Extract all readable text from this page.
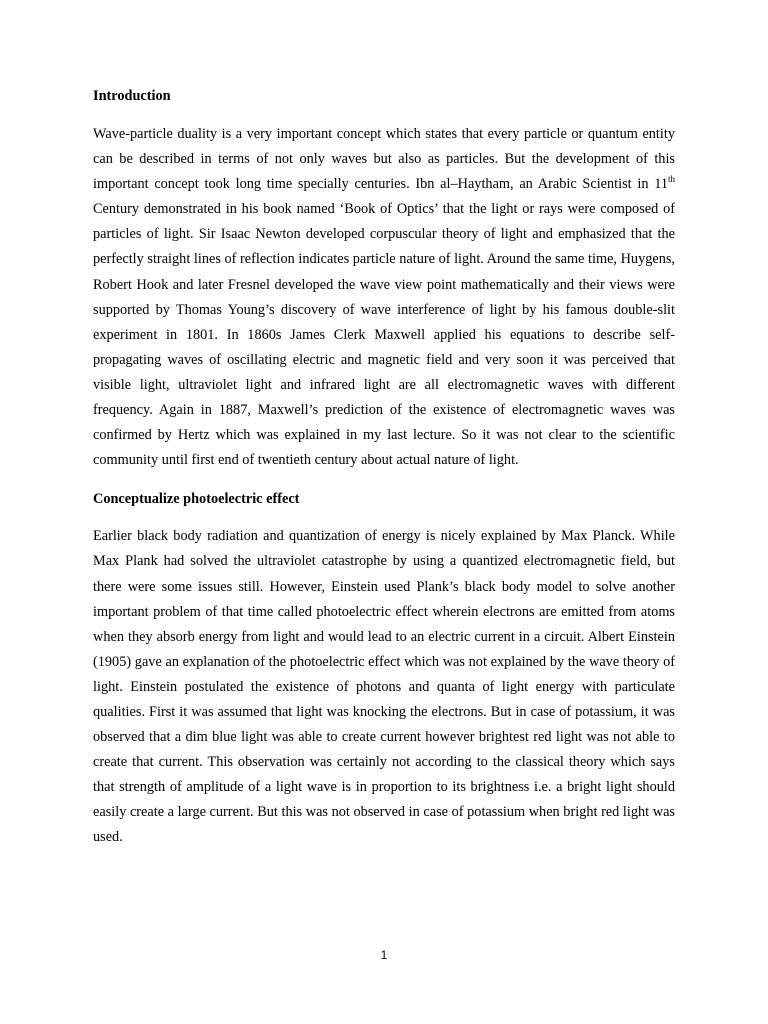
Introduction

Wave-particle duality is a very important concept which states that every particle or quantum entity can be described in terms of not only waves but also as particles. But the development of this important concept took long time specially centuries. Ibn al–Haytham, an Arabic Scientist in 11th Century demonstrated in his book named ‘Book of Optics’ that the light or rays were composed of particles of light. Sir Isaac Newton developed corpuscular theory of light and emphasized that the perfectly straight lines of reflection indicates particle nature of light. Around the same time, Huygens, Robert Hook and later Fresnel developed the wave view point mathematically and their views were supported by Thomas Young’s discovery of wave interference of light by his famous double-slit experiment in 1801. In 1860s James Clerk Maxwell applied his equations to describe self-propagating waves of oscillating electric and magnetic field and very soon it was perceived that visible light, ultraviolet light and infrared light are all electromagnetic waves with different frequency. Again in 1887, Maxwell’s prediction of the existence of electromagnetic waves was confirmed by Hertz which was explained in my last lecture. So it was not clear to the scientific community until first end of twentieth century about actual nature of light.

Conceptualize photoelectric effect

Earlier black body radiation and quantization of energy is nicely explained by Max Planck. While Max Plank had solved the ultraviolet catastrophe by using a quantized electromagnetic field, but there were some issues still. However, Einstein used Plank’s black body model to solve another important problem of that time called photoelectric effect wherein electrons are emitted from atoms when they absorb energy from light and would lead to an electric current in a circuit. Albert Einstein (1905) gave an explanation of the photoelectric effect which was not explained by the wave theory of light. Einstein postulated the existence of photons and quanta of light energy with particulate qualities. First it was assumed that light was knocking the electrons. But in case of potassium, it was observed that a dim blue light was able to create current however brightest red light was not able to create that current. This observation was certainly not according to the classical theory which says that strength of amplitude of a light wave is in proportion to its brightness i.e. a bright light should easily create a large current. But this was not observed in case of potassium when bright red light was used.

1
